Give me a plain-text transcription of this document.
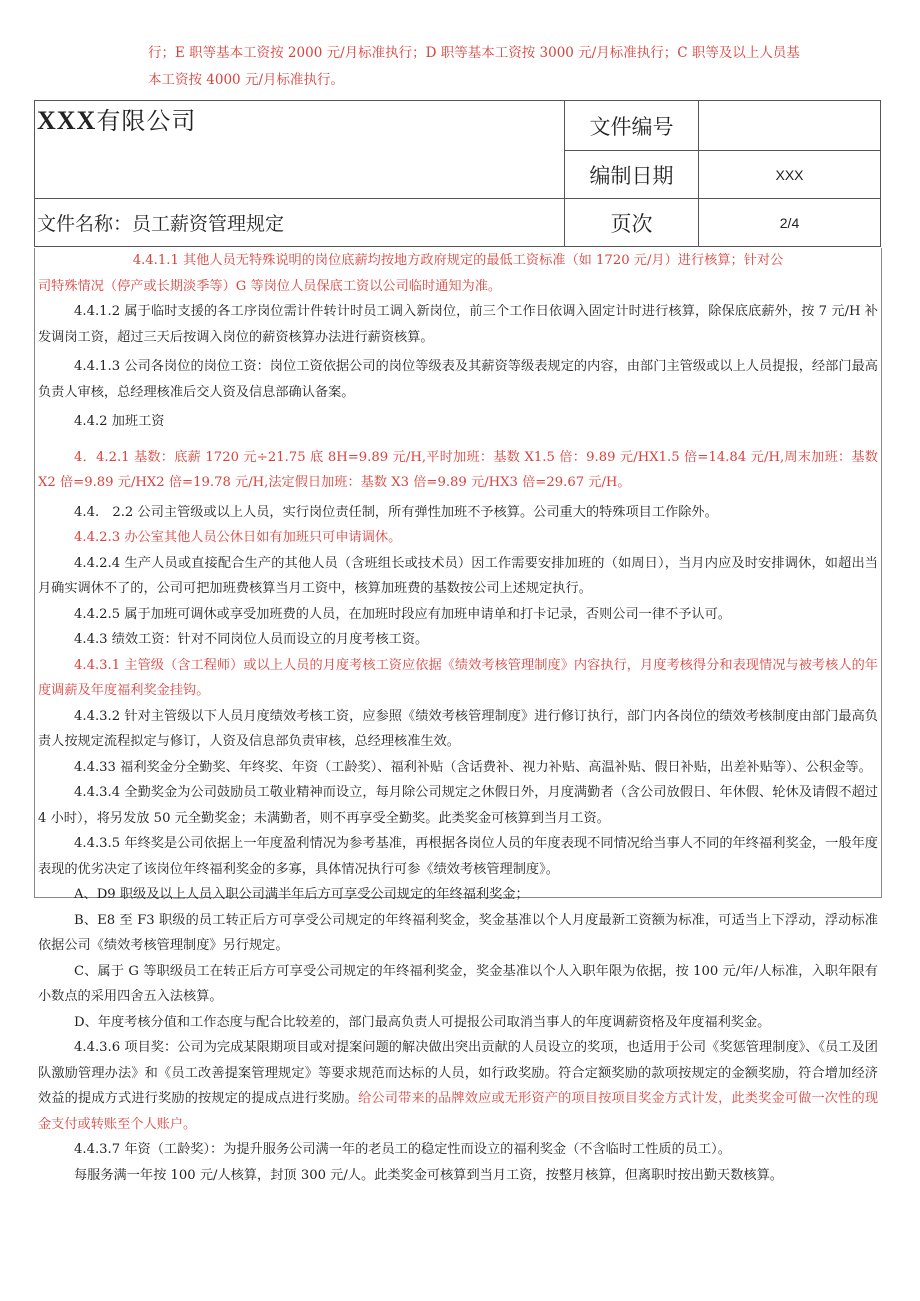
行；E 职等基本工资按 2000 元/月标准执行；D 职等基本工资按 3000 元/月标准执行；C 职等及以上人员基
本工资按 4000 元/月标准执行。
XXX有限公司	文件编号	
	编制日期	XXX
文件名称：员工薪资管理规定	页次	2/4

4.4.1.1 其他人员无特殊说明的岗位底薪均按地方政府规定的最低工资标准（如 1720 元/月）进行核算；针对公

司特殊情况（停产或长期淡季等）G 等岗位人员保底工资以公司临时通知为准。

4.4.1.2 属于临时支援的各工序岗位需计件转计时员工调入新岗位，前三个工作日依调入固定计时进行核算，除保底底薪外，按 7 元/H 补发调岗工资，超过三天后按调入岗位的薪资核算办法进行薪资核算。

4.4.1.3 公司各岗位的岗位工资：岗位工资依据公司的岗位等级表及其薪资等级表规定的内容，由部门主管级或以上人员提报，经部门最高负责人审核，总经理核准后交人资及信息部确认备案。

4.4.2 加班工资

4．4.2.1 基数：底薪 1720 元÷21.75 底 8H=9.89 元/H,平时加班：基数 X1.5 倍：9.89 元/HX1.5 倍=14.84 元/H,周末加班：基数 X2 倍=9.89 元/HX2 倍=19.78 元/H,法定假日加班：基数 X3 倍=9.89 元/HX3 倍=29.67 元/H。

4.4.　2.2 公司主管级或以上人员，实行岗位责任制，所有弹性加班不予核算。公司重大的特殊项目工作除外。

4.4.2.3 办公室其他人员公休日如有加班只可申请调休。

4.4.2.4 生产人员或直接配合生产的其他人员（含班组长或技术员）因工作需要安排加班的（如周日），当月内应及时安排调休，如超出当月确实调休不了的，公司可把加班费核算当月工资中，核算加班费的基数按公司上述规定执行。

4.4.2.5 属于加班可调休或享受加班费的人员，在加班时段应有加班申请单和打卡记录，否则公司一律不予认可。

4.4.3 绩效工资：针对不同岗位人员而设立的月度考核工资。

4.4.3.1 主管级（含工程师）或以上人员的月度考核工资应依据《绩效考核管理制度》内容执行，月度考核得分和表现情况与被考核人的年度调薪及年度福利奖金挂钩。

4.4.3.2 针对主管级以下人员月度绩效考核工资，应参照《绩效考核管理制度》进行修订执行，部门内各岗位的绩效考核制度由部门最高负责人按规定流程拟定与修订，人资及信息部负责审核，总经理核准生效。

4.4.33 福利奖金分全勤奖、年终奖、年资（工龄奖）、福利补贴（含话费补、视力补贴、高温补贴、假日补贴，出差补贴等）、公积金等。

4.4.3.4 全勤奖金为公司鼓励员工敬业精神而设立，每月除公司规定之休假日外，月度满勤者（含公司放假日、年休假、轮休及请假不超过 4 小时），将另发放 50 元全勤奖金；未满勤者，则不再享受全勤奖。此类奖金可核算到当月工资。

4.4.3.5 年终奖是公司依据上一年度盈利情况为参考基准，再根据各岗位人员的年度表现不同情况给当事人不同的年终福利奖金，一般年度表现的优劣决定了该岗位年终福利奖金的多寡，具体情况执行可参《绩效考核管理制度》。

A、D9 职级及以上人员入职公司满半年后方可享受公司规定的年终福利奖金；

B、E8 至 F3 职级的员工转正后方可享受公司规定的年终福利奖金，奖金基准以个人月度最新工资额为标准，可适当上下浮动，浮动标准依据公司《绩效考核管理制度》另行规定。

C、属于 G 等职级员工在转正后方可享受公司规定的年终福利奖金，奖金基准以个人入职年限为依据，按 100 元/年/人标准，入职年限有小数点的采用四舍五入法核算。

D、年度考核分值和工作态度与配合比较差的，部门最高负责人可提报公司取消当事人的年度调薪资格及年度福利奖金。

4.4.3.6 项目奖：公司为完成某限期项目或对提案问题的解决做出突出贡献的人员设立的奖项，也适用于公司《奖惩管理制度》、《员工及团队激励管理办法》和《员工改善提案管理规定》等要求规范而达标的人员，如行政奖励。符合定额奖励的款项按规定的金额奖励，符合增加经济效益的提成方式进行奖励的按规定的提成点进行奖励。给公司带来的品牌效应或无形资产的项目按项目奖金方式计发，此类奖金可做一次性的现金支付或转账至个人账户。

4.4.3.7 年资（工龄奖）：为提升服务公司满一年的老员工的稳定性而设立的福利奖金（不含临时工性质的员工）。

每服务满一年按 100 元/人核算，封顶 300 元/人。此类奖金可核算到当月工资，按整月核算，但离职时按出勤天数核算。
